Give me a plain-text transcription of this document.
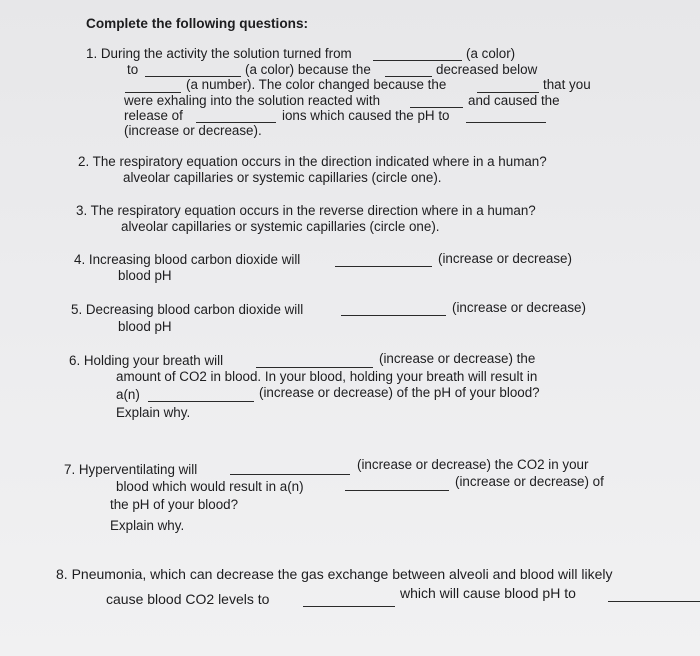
Complete the following questions:
1. During the activity the solution turned from	(a color)
to	(a color) because the	decreased below
(a number). The color changed because the	that you
were exhaling into the solution reacted with	and caused the
release of	ions which caused the pH to
(increase or decrease).
2. The respiratory equation occurs in the direction indicated where in a human?
alveolar capillaries or systemic capillaries (circle one).
3. The respiratory equation occurs in the reverse direction where in a human?
alveolar capillaries or systemic capillaries (circle one).
4. Increasing blood carbon dioxide will	(increase or decrease)
blood pH
5. Decreasing blood carbon dioxide will	(increase or decrease)
blood pH
6. Holding your breath will	(increase or decrease) the
amount of CO2 in blood. In your blood, holding your breath will result in
a(n)	(increase or decrease) of the pH of your blood?
Explain why.
7. Hyperventilating will	(increase or decrease) the CO2 in your
blood which would result in a(n)	(increase or decrease) of
the pH of your blood?
Explain why.
8. Pneumonia, which can decrease the gas exchange between alveoli and blood will likely
cause blood CO2 levels to	which will cause blood pH to
